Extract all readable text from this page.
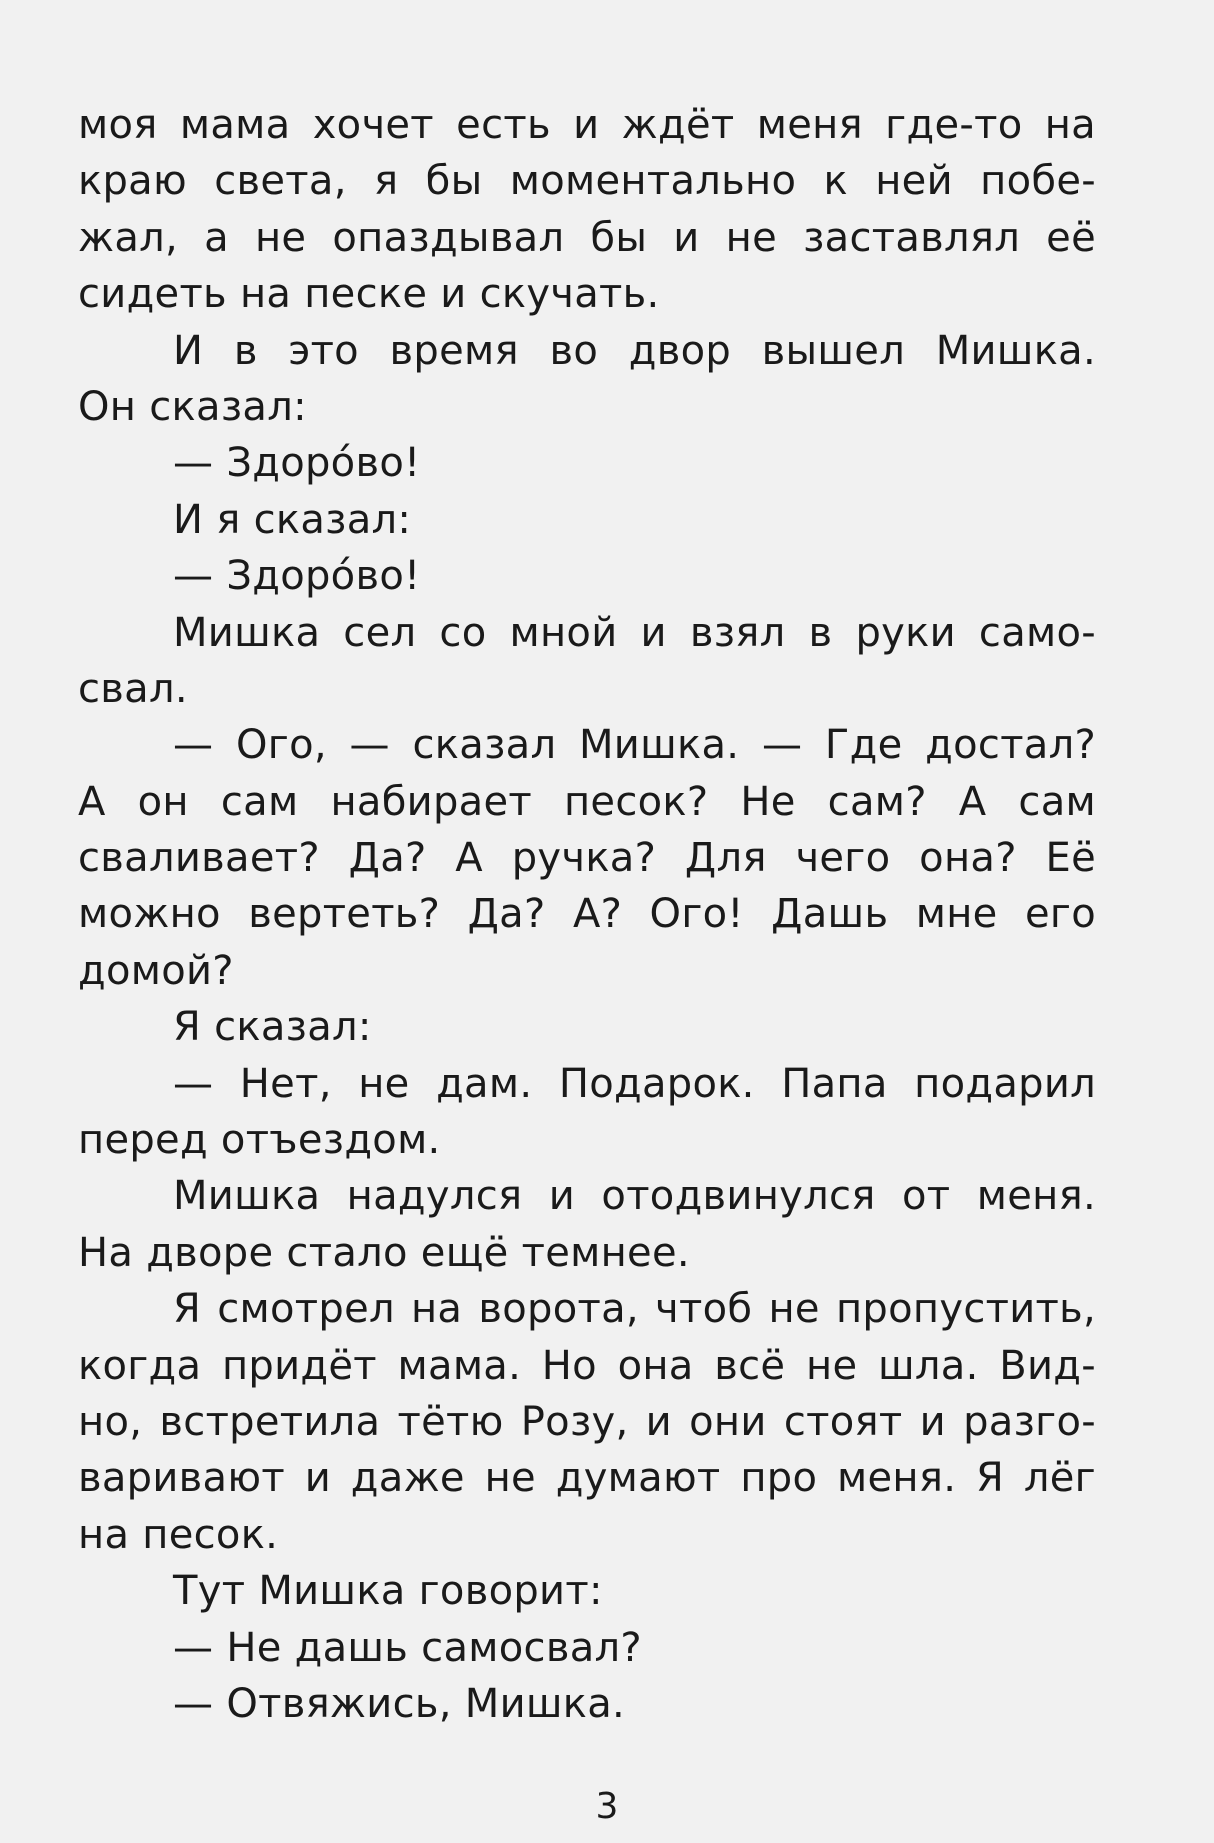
моя мама хочет есть и ждёт меня где-то на
краю света, я бы моментально к ней побе-
жал, а не опаздывал бы и не заставлял её
сидеть на песке и скучать.
И в это время во двор вышел Мишка.
Он сказал:
— Здоро́во!
И я сказал:
— Здоро́во!
Мишка сел со мной и взял в руки само-
свал.
— Ого, — сказал Мишка. — Где достал?
А он сам набирает песок? Не сам? А сам
сваливает? Да? А ручка? Для чего она? Её
можно вертеть? Да? А? Ого! Дашь мне его
домой?
Я сказал:
— Нет, не дам. Подарок. Папа подарил
перед отъездом.
Мишка надулся и отодвинулся от меня.
На дворе стало ещё темнее.
Я смотрел на ворота, чтоб не пропустить,
когда придёт мама. Но она всё не шла. Вид-
но, встретила тётю Розу, и они стоят и разго-
варивают и даже не думают про меня. Я лёг
на песок.
Тут Мишка говорит:
— Не дашь самосвал?
— Отвяжись, Мишка.
3
